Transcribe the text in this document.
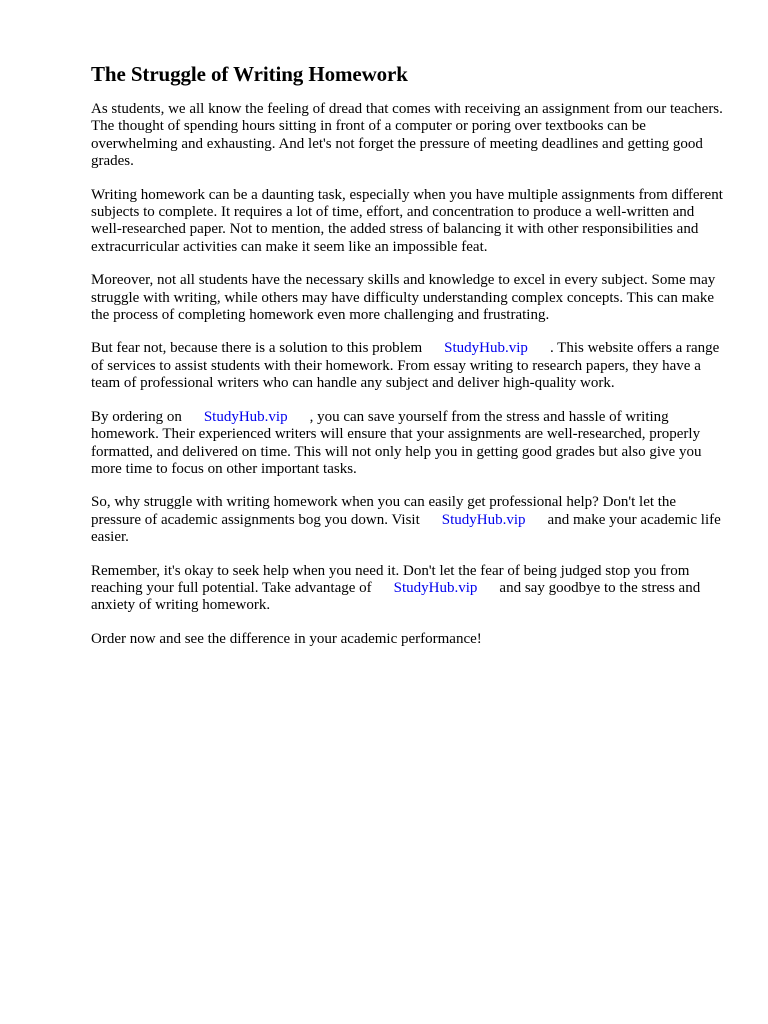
The Struggle of Writing Homework

As students, we all know the feeling of dread that comes with receiving an assignment from our teachers. The thought of spending hours sitting in front of a computer or poring over textbooks can be overwhelming and exhausting. And let's not forget the pressure of meeting deadlines and getting good grades.

Writing homework can be a daunting task, especially when you have multiple assignments from different subjects to complete. It requires a lot of time, effort, and concentration to produce a well-written and well-researched paper. Not to mention, the added stress of balancing it with other responsibilities and extracurricular activities can make it seem like an impossible feat.

Moreover, not all students have the necessary skills and knowledge to excel in every subject. Some may struggle with writing, while others may have difficulty understanding complex concepts. This can make the process of completing homework even more challenging and frustrating.

But fear not, because there is a solution to this problem StudyHub.vip . This website offers a range of services to assist students with their homework. From essay writing to research papers, they have a team of professional writers who can handle any subject and deliver high-quality work.

By ordering on StudyHub.vip , you can save yourself from the stress and hassle of writing homework. Their experienced writers will ensure that your assignments are well-researched, properly formatted, and delivered on time. This will not only help you in getting good grades but also give you more time to focus on other important tasks.

So, why struggle with writing homework when you can easily get professional help? Don't let the pressure of academic assignments bog you down. Visit StudyHub.vip and make your academic life easier.

Remember, it's okay to seek help when you need it. Don't let the fear of being judged stop you from reaching your full potential. Take advantage of StudyHub.vip and say goodbye to the stress and anxiety of writing homework.

Order now and see the difference in your academic performance!
